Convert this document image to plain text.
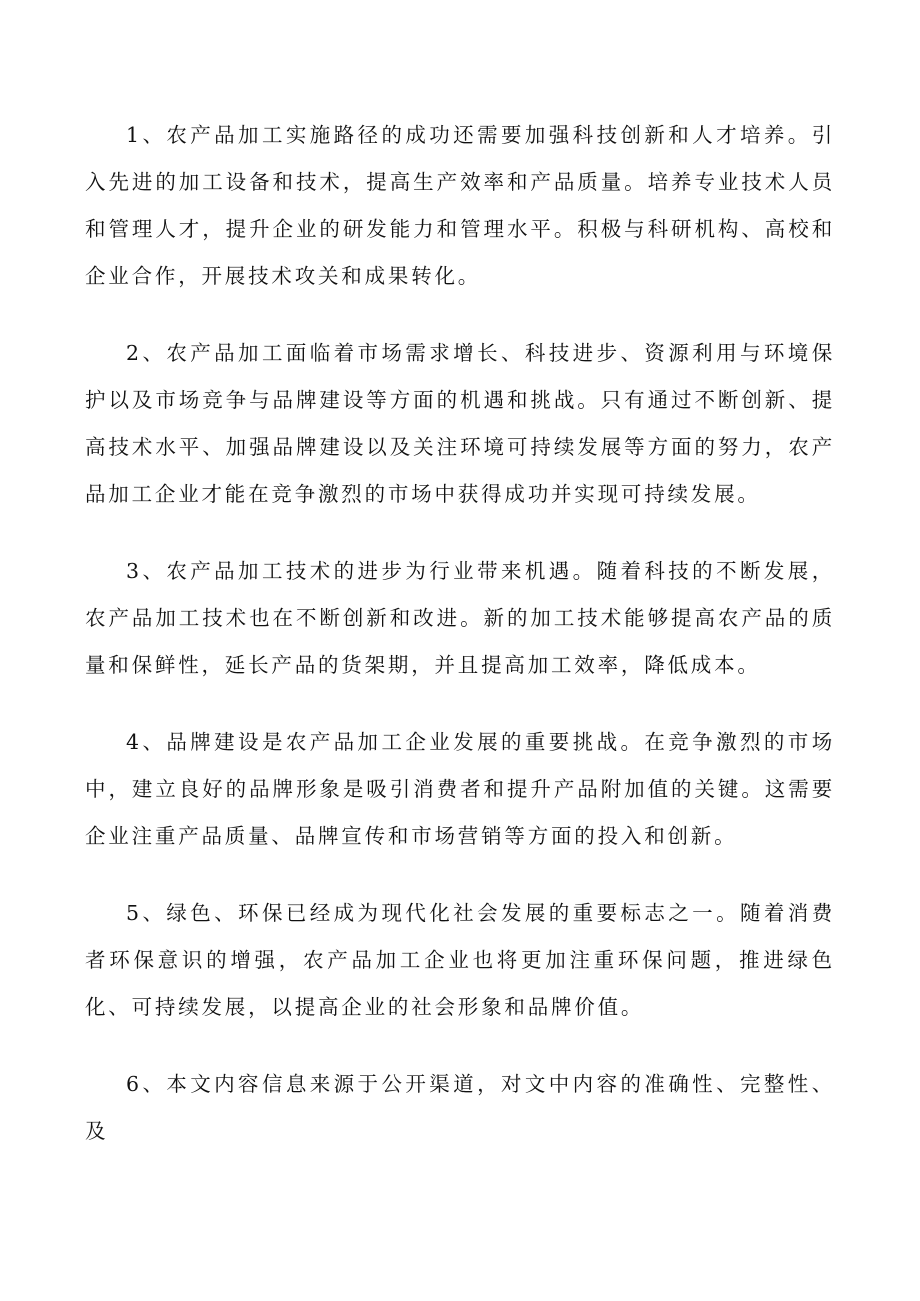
1、农产品加工实施路径的成功还需要加强科技创新和人才培养。引入先进的加工设备和技术，提高生产效率和产品质量。培养专业技术人员和管理人才，提升企业的研发能力和管理水平。积极与科研机构、高校和企业合作，开展技术攻关和成果转化。

2、农产品加工面临着市场需求增长、科技进步、资源利用与环境保护以及市场竞争与品牌建设等方面的机遇和挑战。只有通过不断创新、提高技术水平、加强品牌建设以及关注环境可持续发展等方面的努力，农产品加工企业才能在竞争激烈的市场中获得成功并实现可持续发展。

3、农产品加工技术的进步为行业带来机遇。随着科技的不断发展，农产品加工技术也在不断创新和改进。新的加工技术能够提高农产品的质量和保鲜性，延长产品的货架期，并且提高加工效率，降低成本。

4、品牌建设是农产品加工企业发展的重要挑战。在竞争激烈的市场中，建立良好的品牌形象是吸引消费者和提升产品附加值的关键。这需要企业注重产品质量、品牌宣传和市场营销等方面的投入和创新。

5、绿色、环保已经成为现代化社会发展的重要标志之一。随着消费者环保意识的增强，农产品加工企业也将更加注重环保问题，推进绿色化、可持续发展，以提高企业的社会形象和品牌价值。

6、本文内容信息来源于公开渠道，对文中内容的准确性、完整性、及
